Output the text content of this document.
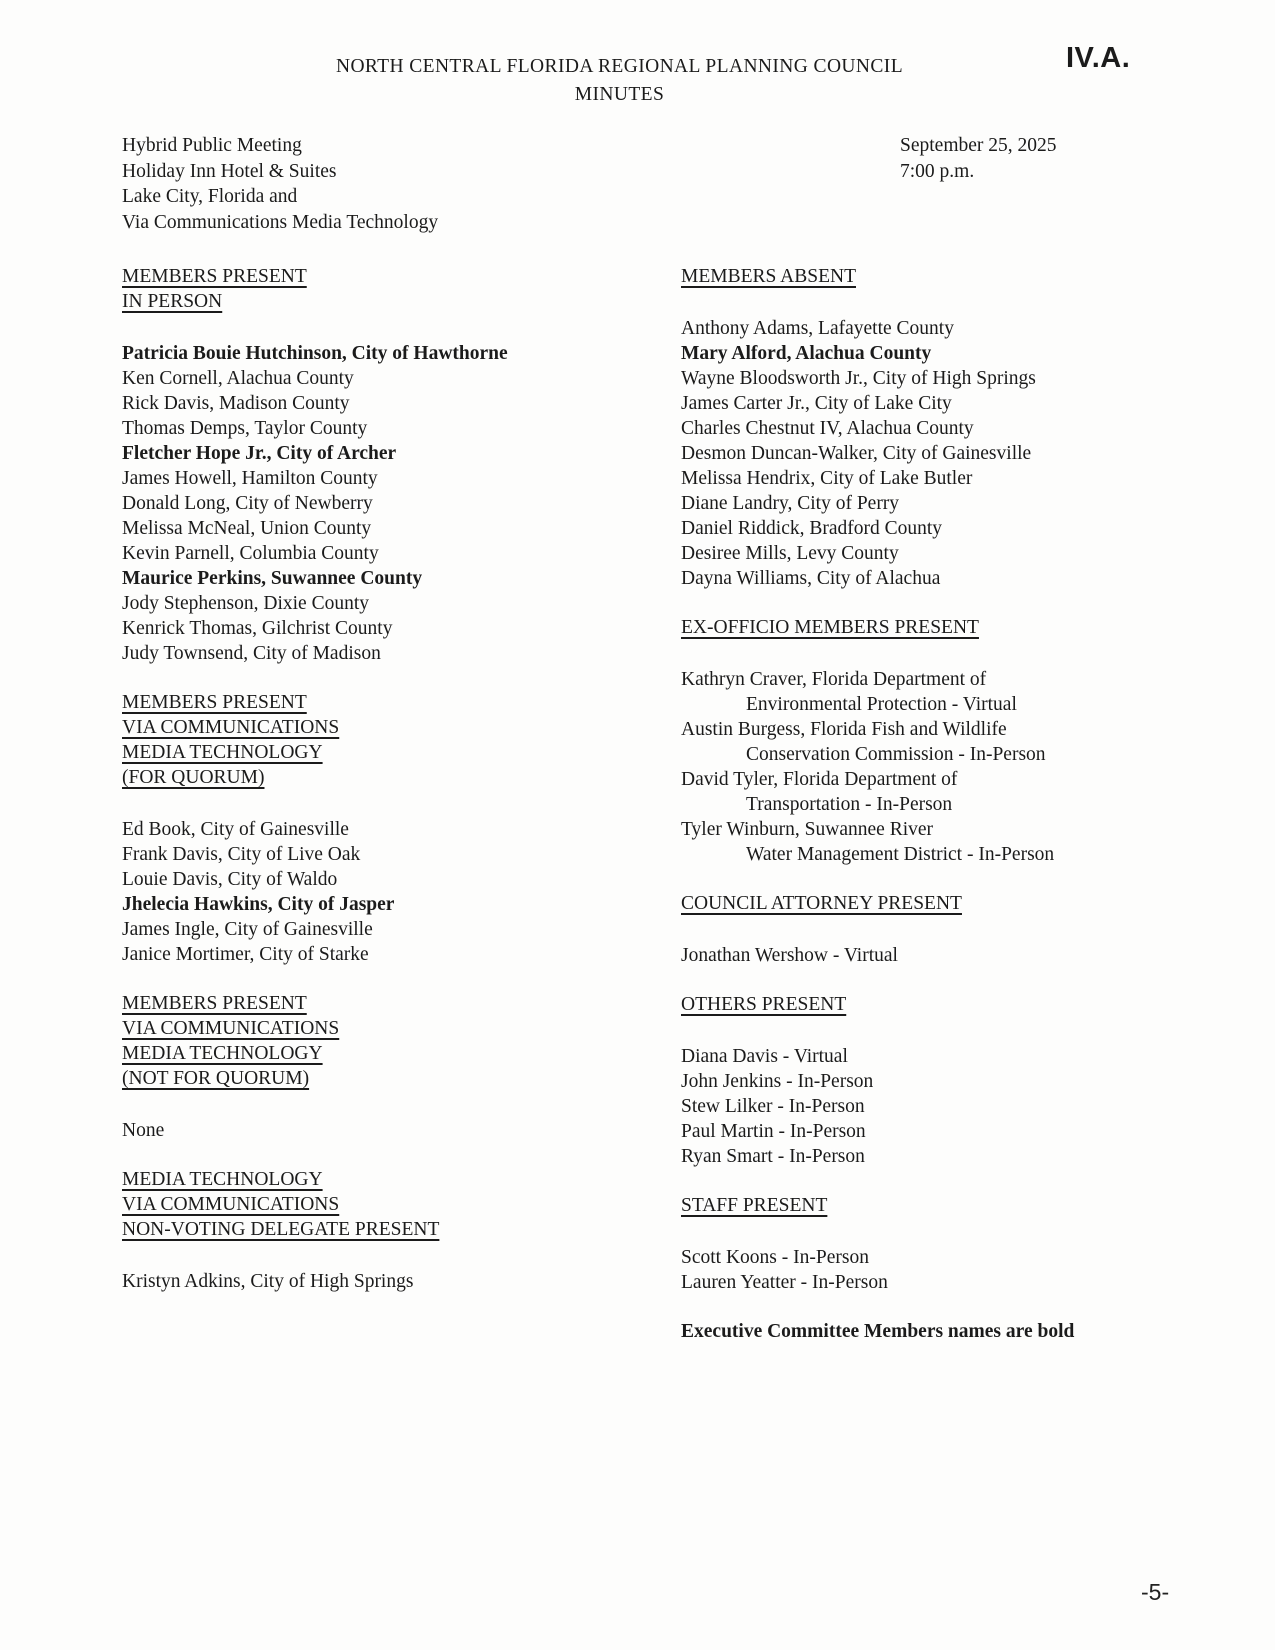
NORTH CENTRAL FLORIDA REGIONAL PLANNING COUNCIL
MINUTES
IV.A.
Hybrid Public Meeting
Holiday Inn Hotel & Suites
Lake City, Florida and
Via Communications Media Technology
September 25, 2025
7:00 p.m.
MEMBERS PRESENT
IN PERSON
Patricia Bouie Hutchinson, City of Hawthorne
Ken Cornell, Alachua County
Rick Davis, Madison County
Thomas Demps, Taylor County
Fletcher Hope Jr., City of Archer
James Howell, Hamilton County
Donald Long, City of Newberry
Melissa McNeal, Union County
Kevin Parnell, Columbia County
Maurice Perkins, Suwannee County
Jody Stephenson, Dixie County
Kenrick Thomas, Gilchrist County
Judy Townsend, City of Madison
MEMBERS PRESENT
VIA COMMUNICATIONS
MEDIA TECHNOLOGY
(FOR QUORUM)
Ed Book, City of Gainesville
Frank Davis, City of Live Oak
Louie Davis, City of Waldo
Jhelecia Hawkins, City of Jasper
James Ingle, City of Gainesville
Janice Mortimer, City of Starke
MEMBERS PRESENT
VIA COMMUNICATIONS
MEDIA TECHNOLOGY
(NOT FOR QUORUM)
None
MEDIA TECHNOLOGY
VIA COMMUNICATIONS
NON-VOTING DELEGATE PRESENT
Kristyn Adkins, City of High Springs
MEMBERS ABSENT
Anthony Adams, Lafayette County
Mary Alford, Alachua County
Wayne Bloodsworth Jr., City of High Springs
James Carter Jr., City of Lake City
Charles Chestnut IV, Alachua County
Desmon Duncan-Walker, City of Gainesville
Melissa Hendrix, City of Lake Butler
Diane Landry, City of Perry
Daniel Riddick, Bradford County
Desiree Mills, Levy County
Dayna Williams, City of Alachua
EX-OFFICIO MEMBERS PRESENT
Kathryn Craver, Florida Department of
Environmental Protection - Virtual
Austin Burgess, Florida Fish and Wildlife
Conservation Commission - In-Person
David Tyler, Florida Department of
Transportation - In-Person
Tyler Winburn, Suwannee River
Water Management District - In-Person
COUNCIL ATTORNEY PRESENT
Jonathan Wershow - Virtual
OTHERS PRESENT
Diana Davis - Virtual
John Jenkins - In-Person
Stew Lilker - In-Person
Paul Martin - In-Person
Ryan Smart - In-Person
STAFF PRESENT
Scott Koons - In-Person
Lauren Yeatter - In-Person
Executive Committee Members names are bold
-5-
